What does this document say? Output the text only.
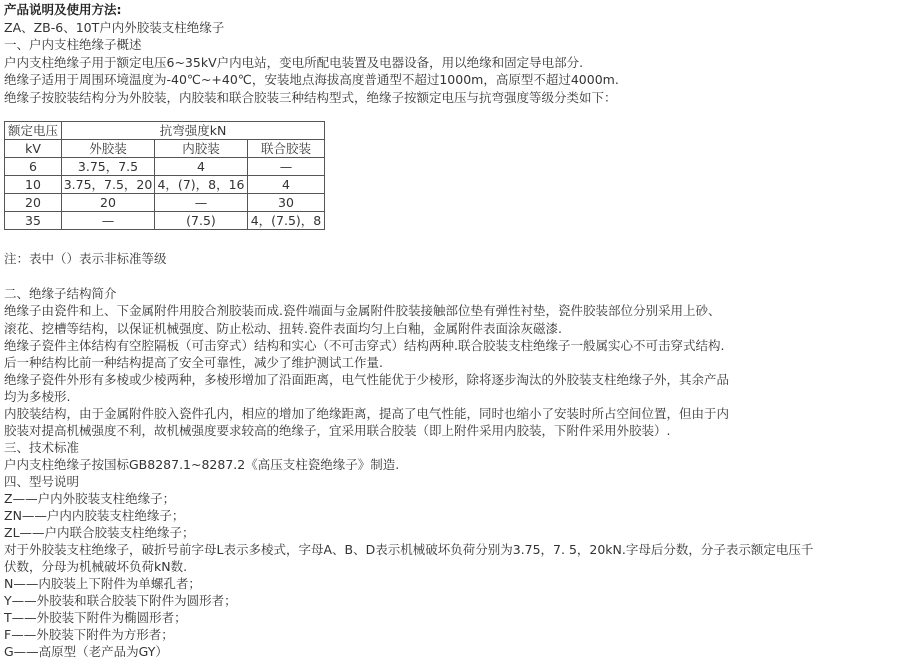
产品说明及使用方法:
ZA、ZB-6、10T户内外胶装支柱绝缘子
一、户内支柱绝缘子概述
户内支柱绝缘子用于额定电压6~35kV户内电站，变电所配电装置及电器设备，用以绝缘和固定导电部分.
绝缘子适用于周围环境温度为-40℃~+40℃，安装地点海拔高度普通型不超过1000m，高原型不超过4000m.
绝缘子按胶装结构分为外胶装，内胶装和联合胶装三种结构型式，绝缘子按额定电压与抗弯强度等级分类如下：
额定电压	抗弯强度kN		
kV	外胶装	内胶装	联合胶装
6	3.75，7.5	4	—
10	3.75，7.5，20	4，(7)，8，16	4
20	20	—	30
35	—	(7.5)	4，(7.5)，8
注：表中（）表示非标准等级
二、绝缘子结构简介
绝缘子由瓷件和上、下金属附件用胶合剂胶装而成.瓷件端面与金属附件胶装接触部位垫有弹性衬垫，瓷件胶装部位分别采用上砂、
滚花、挖槽等结构，以保证机械强度、防止松动、扭转.瓷件表面均匀上白釉，金属附件表面涂灰磁漆.
绝缘子瓷件主体结构有空腔隔板（可击穿式）结构和实心（不可击穿式）结构两种.联合胶装支柱绝缘子一般属实心不可击穿式结构.
后一种结构比前一种结构提高了安全可靠性，减少了维护测试工作量.
绝缘子瓷件外形有多棱或少棱两种，多棱形增加了沿面距离，电气性能优于少棱形，除将逐步淘汰的外胶装支柱绝缘子外，其余产品
均为多棱形.
内胶装结构，由于金属附件胶入瓷件孔内，相应的增加了绝缘距离，提高了电气性能，同时也缩小了安装时所占空间位置，但由于内
胶装对提高机械强度不利，故机械强度要求较高的绝缘子，宜采用联合胶装（即上附件采用内胶装，下附件采用外胶装）.
三、技术标准
户内支柱绝缘子按国标GB8287.1~8287.2《高压支柱瓷绝缘子》制造.
四、型号说明
Z——户内外胶装支柱绝缘子；
ZN——户内内胶装支柱绝缘子；
ZL——户内联合胶装支柱绝缘子；
对于外胶装支柱绝缘子，破折号前字母L表示多棱式，字母A、B、D表示机械破坏负荷分别为3.75，7. 5，20kN.字母后分数，分子表示额定电压千
伏数，分母为机械破坏负荷kN数.
N——内胶装上下附件为单螺孔者；
Y——外胶装和联合胶装下附件为圆形者；
T——外胶装下附件为椭圆形者；
F——外胶装下附件为方形者；
G——高原型（老产品为GY）
